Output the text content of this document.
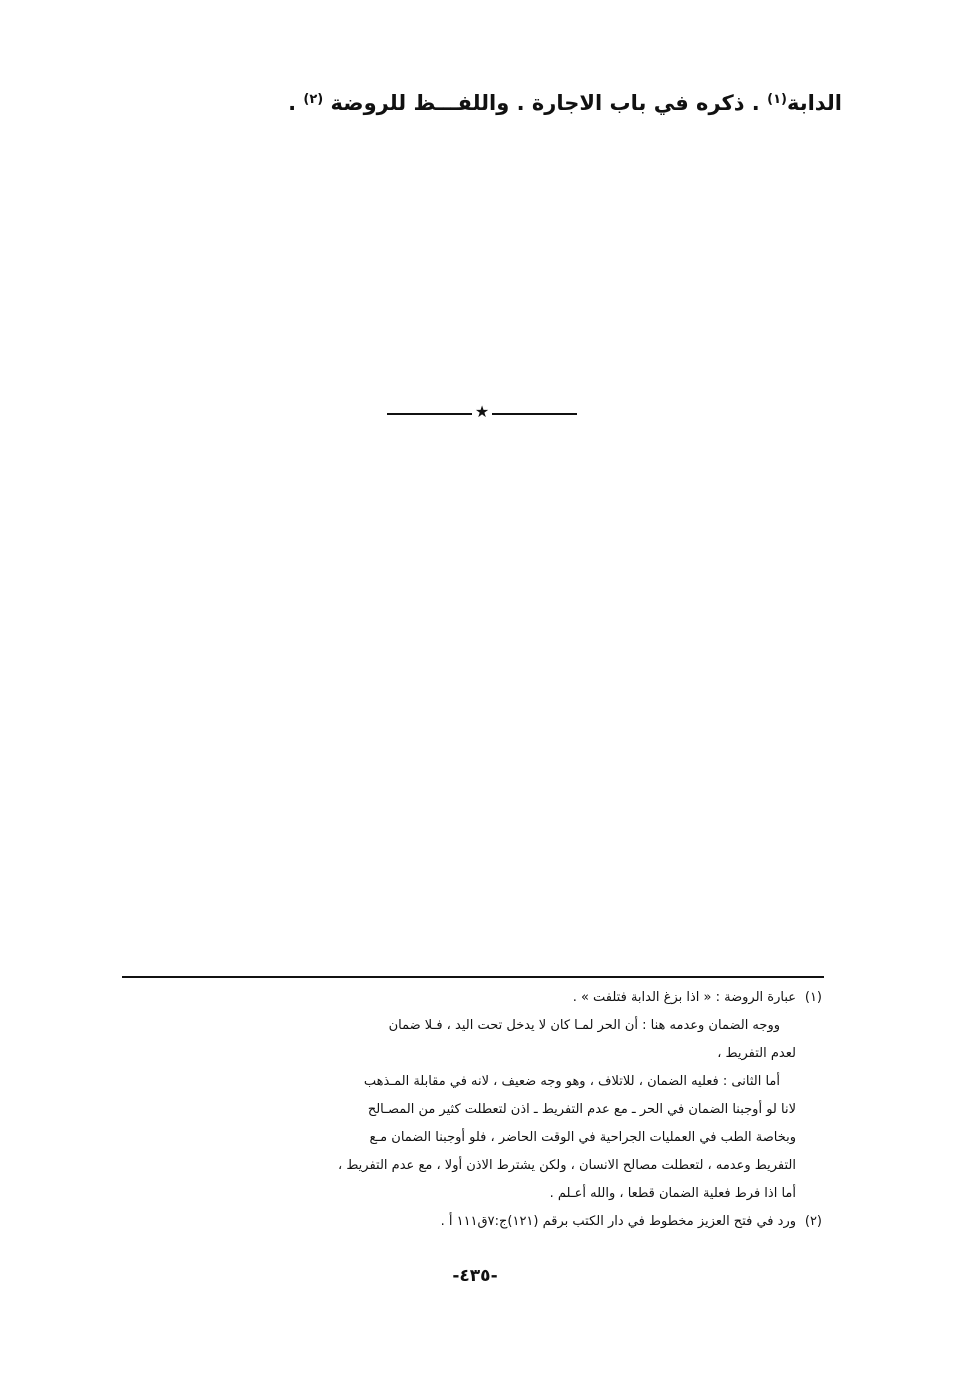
الدابة$^{(١)}$ . ذكره في باب الاجارة . واللفـــظ للروضة $^{(٢)}$ .
★
(١)
عبارة الروضة : « اذا بزغ الدابة فتلفت » .
ووجه الضمان وعدمه هنا : أن الحر لمـا كان لا يدخل تحت اليد ، فـلا ضمان
لعدم التفريط ،
أما الثانى : فعليه الضمان ، للاتلاف ، وهو وجه ضعيف ، لانه في مقابلة المـذهب
لانا لو أوجبنا الضمان في الحر ـ مع عدم التفريط ـ اذن لتعطلت كثير من المصـالح
وبخاصة الطب في العمليات الجراحية في الوقت الحاضر ، فلو أوجبنا الضمان مـع
التفريط وعدمه ، لتعطلت مصالح الانسان ، ولكن يشترط الاذن أولا ، مع عدم التفريط ،
أما اذا فرط فعلية الضمان قطعا ، والله أعـلم .
(٢)
ورد في فتح العزيز مخطوط في دار الكتب برقم (١٢١)ج:٧ق١١١ أ .
-٤٣٥-
